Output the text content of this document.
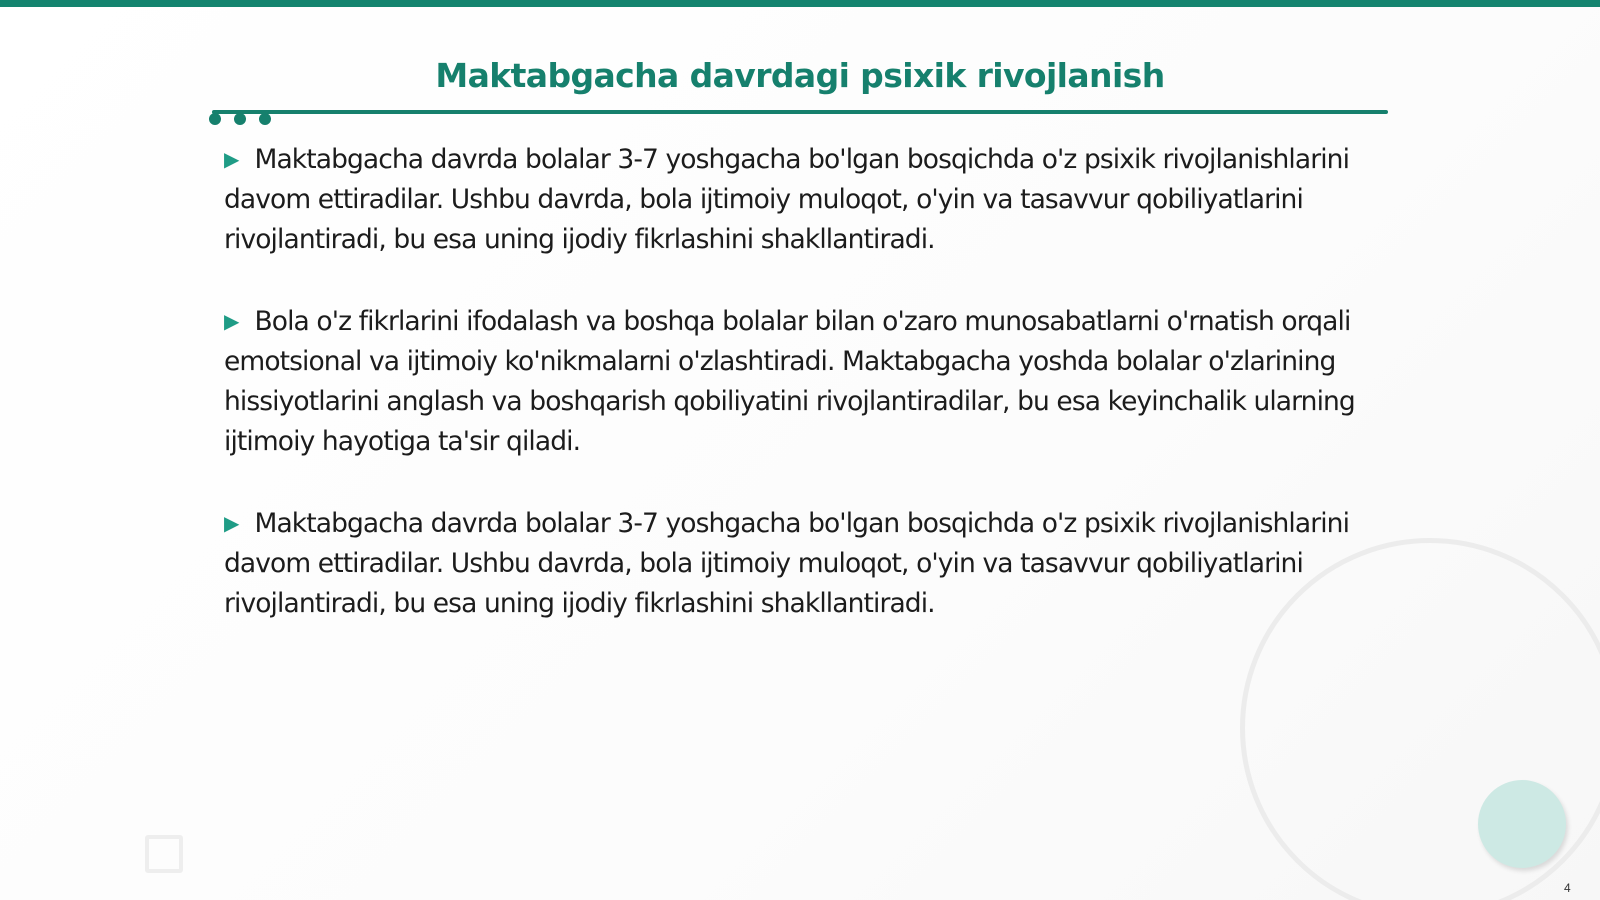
Maktabgacha davrdagi psixik rivojlanish

▶ Maktabgacha davrda bolalar 3-7 yoshgacha bo'lgan bosqichda o'z psixik rivojlanishlarini davom ettiradilar. Ushbu davrda, bola ijtimoiy muloqot, o'yin va tasavvur qobiliyatlarini rivojlantiradi, bu esa uning ijodiy fikrlashini shakllantiradi.

▶ Bola o'z fikrlarini ifodalash va boshqa bolalar bilan o'zaro munosabatlarni o'rnatish orqali emotsional va ijtimoiy ko'nikmalarni o'zlashtiradi. Maktabgacha yoshda bolalar o'zlarining hissiyotlarini anglash va boshqarish qobiliyatini rivojlantiradilar, bu esa keyinchalik ularning ijtimoiy hayotiga ta'sir qiladi.

▶ Maktabgacha davrda bolalar 3-7 yoshgacha bo'lgan bosqichda o'z psixik rivojlanishlarini davom ettiradilar. Ushbu davrda, bola ijtimoiy muloqot, o'yin va tasavvur qobiliyatlarini rivojlantiradi, bu esa uning ijodiy fikrlashini shakllantiradi.

4
